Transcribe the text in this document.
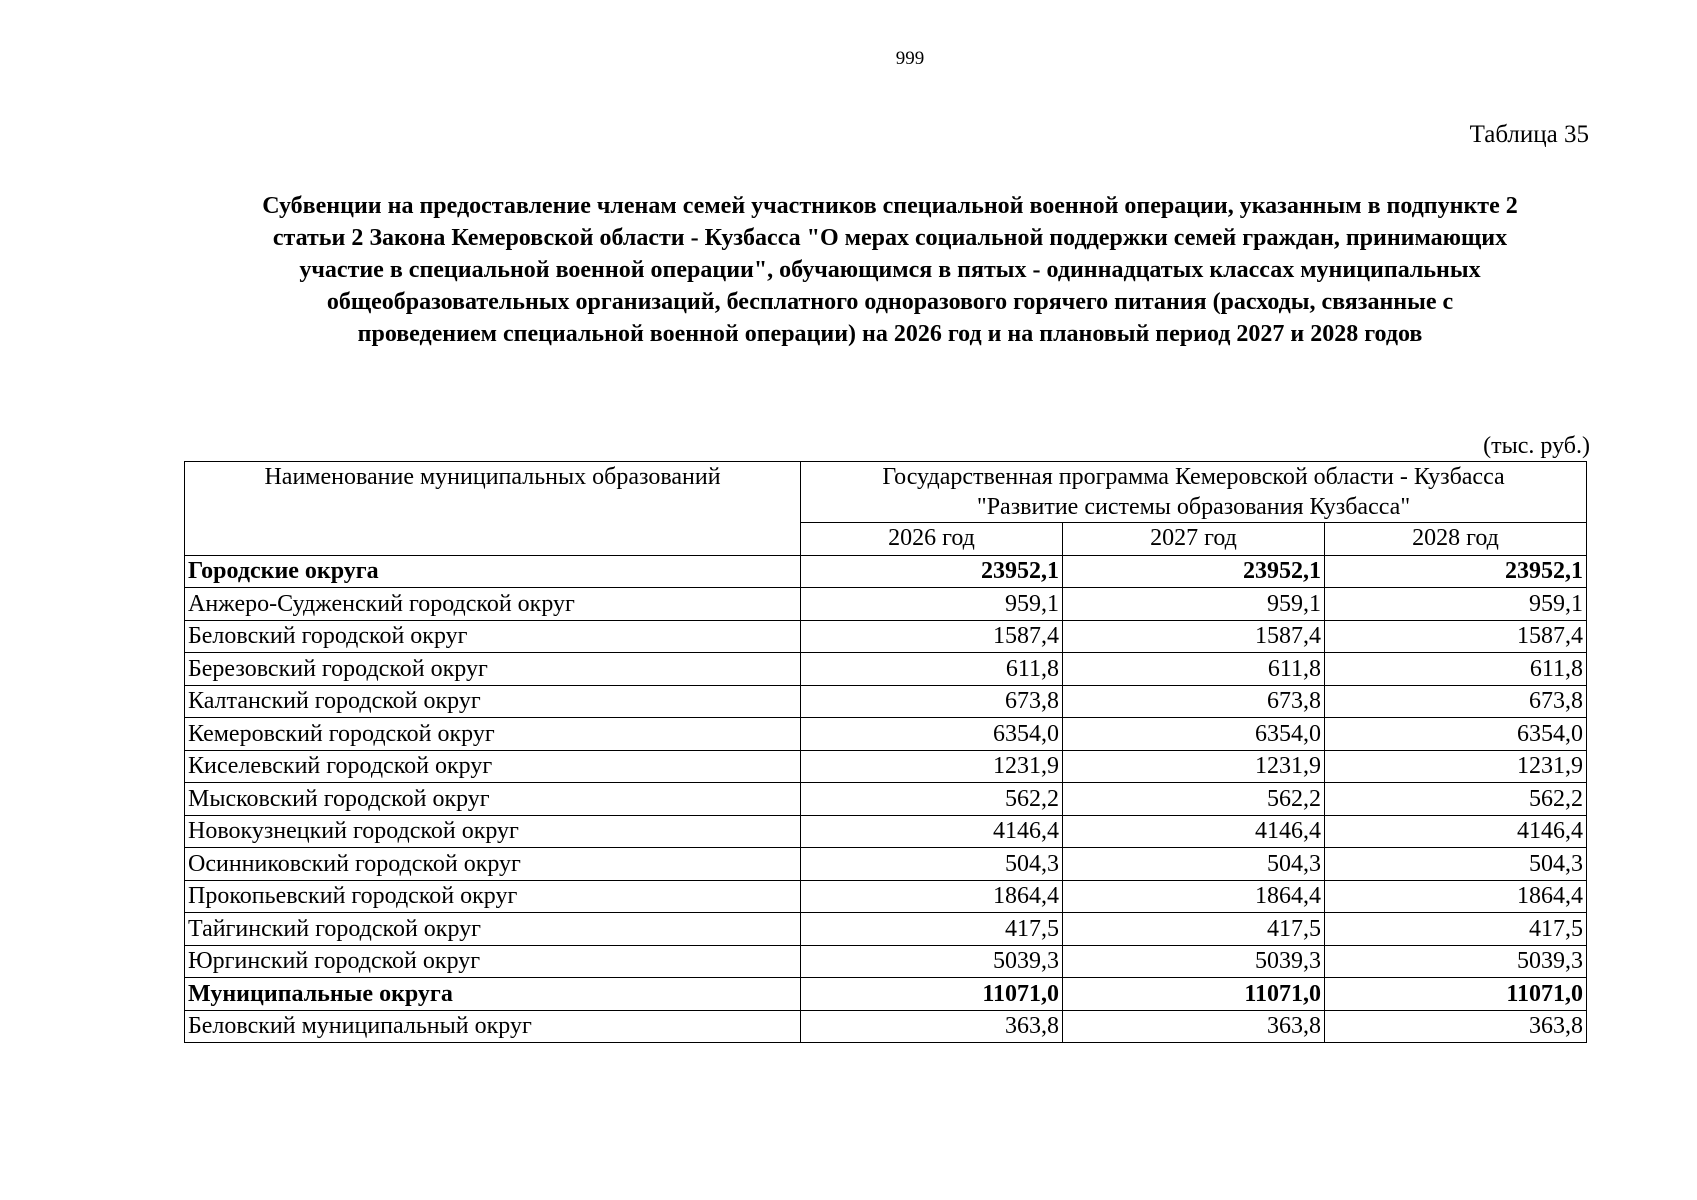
999
Таблица 35
Субвенции на предоставление членам семей участников специальной военной операции, указанным в подпункте 2
статьи 2 Закона Кемеровской области - Кузбасса "О мерах социальной поддержки семей граждан, принимающих
участие в специальной военной операции", обучающимся в пятых - одиннадцатых классах муниципальных
общеобразовательных организаций, бесплатного одноразового горячего питания (расходы, связанные с
проведением специальной военной операции) на 2026 год и на плановый период 2027 и 2028 годов
(тыс. руб.)
Наименование муниципальных образований	Государственная программа Кемеровской области - Кузбасса
"Развитие системы образования Кузбасса"		

	2026 год	2027 год	2028 год
Городские округа	23952,1	23952,1	23952,1
Анжеро-Судженский городской округ	959,1	959,1	959,1
Беловский городской округ	1587,4	1587,4	1587,4
Березовский городской округ	611,8	611,8	611,8
Калтанский городской округ	673,8	673,8	673,8
Кемеровский городской округ	6354,0	6354,0	6354,0
Киселевский городской округ	1231,9	1231,9	1231,9
Мысковский городской округ	562,2	562,2	562,2
Новокузнецкий городской округ	4146,4	4146,4	4146,4
Осинниковский городской округ	504,3	504,3	504,3
Прокопьевский городской округ	1864,4	1864,4	1864,4
Тайгинский городской округ	417,5	417,5	417,5
Юргинский городской округ	5039,3	5039,3	5039,3
Муниципальные округа	11071,0	11071,0	11071,0
Беловский муниципальный округ	363,8	363,8	363,8
